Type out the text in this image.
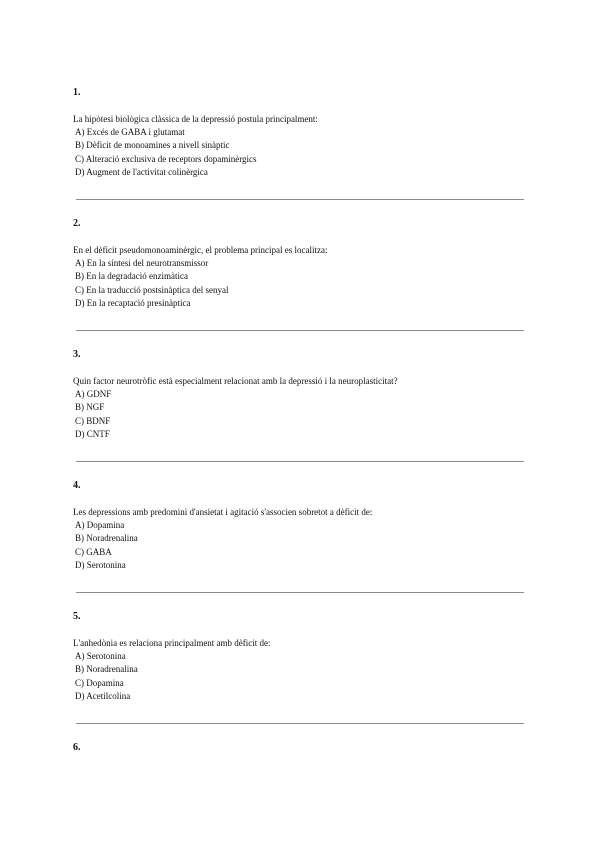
1.
La hipòtesi biològica clàssica de la depressió postula principalment:
A) Excés de GABA i glutamat
B) Dèficit de monoamines a nivell sinàptic
C) Alteració exclusiva de receptors dopaminèrgics
D) Augment de l'activitat colinèrgica
2.
En el dèficit pseudomonoaminèrgic, el problema principal es localitza:
A) En la síntesi del neurotransmissor
B) En la degradació enzimàtica
C) En la traducció postsinàptica del senyal
D) En la recaptació presinàptica
3.
Quin factor neurotròfic està especialment relacionat amb la depressió i la neuroplasticitat?
A) GDNF
B) NGF
C) BDNF
D) CNTF
4.
Les depressions amb predomini d'ansietat i agitació s'associen sobretot a dèficit de:
A) Dopamina
B) Noradrenalina
C) GABA
D) Serotonina
5.
L'anhedònia es relaciona principalment amb dèficit de:
A) Serotonina
B) Noradrenalina
C) Dopamina
D) Acetilcolina
6.
